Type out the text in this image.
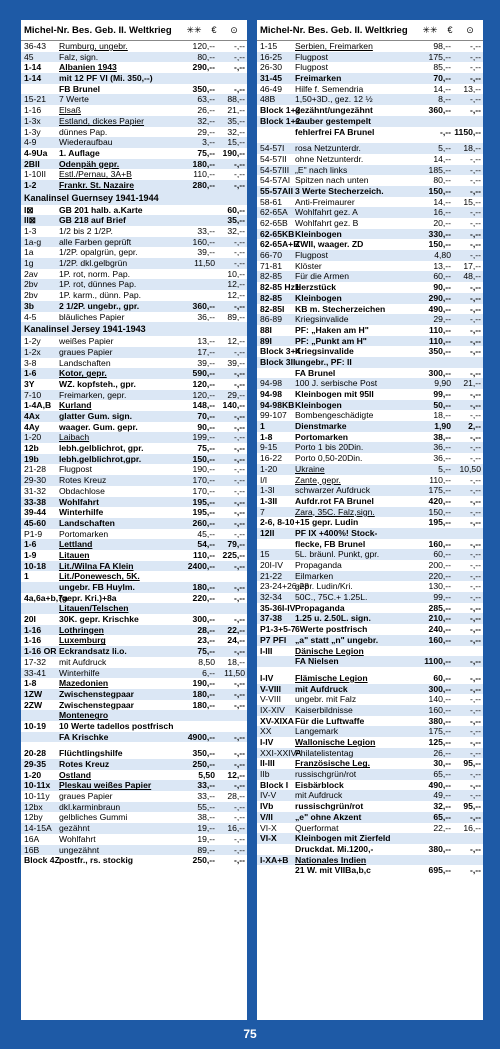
Michel-Nr. Bes. Geb. II. Weltkrieg	✳✳	€	⊙
36-43	Rumburg, ungebr.	120,--	-,--
45	Falz, sign.	80,--	-,--
1-14	Albanien 1943	290,--	-,--
1-14	mit 12 PF VI (Mi. 350,--)
FB Brunel	350,--	-,--
15-21	7 Werte	63,--	88,--
1-16	Elsaß	26,--	21,--
1-3x	Estland, dickes Papier	32,--	35,--
1-3y	dünnes Pap.	29,--	32,--
4-9	Wiederaufbau	3,--	15,--
4-9Ua	1. Auflage	75,-- 190,--
2BII	Odenpäh gepr.	180,--	-,--
1-10II	Estl./Pernau, 3A+B	110,--	-,--
1-2	Frankr. St. Nazaire	280,--	-,--
Kanalinsel Guernsey 1941-1944
I⊠	GB 201 halb. a.Karte	60,--
II⊠	GB 218 auf Brief	35,--
1-3	1/2 bis 2 1/2P.	33,--	32,--
1a-g	alle Farben geprüft	160,--	-,--
1a	1/2P. opalgrün, gepr.	39,--	-,--
1g	1/2P. dkl.gelbgrün	11,50	-,--
2av	1P. rot, norm. Pap.	10,--
2bv	1P. rot, dünnes Pap.	12,--
2bv	1P. karm., dünn. Pap.	12,--
3b	2 1/2P. ungebr., gpr.	360,--	-,--
4-5	bläuliches Papier	36,--	89,--
Kanalinsel Jersey 1941-1943
1-2y	weißes Papier	13,--	12,--
1-2x	graues Papier	17,--	-,--
3-8	Landschaften	39,--	39,--
1-6	Kotor, gepr.	590,--	-,--
3Y	WZ. kopfsteh., gpr.	120,--	-,--
7-10	Freimarken, gepr.	120,--	29,--
1-4A,B Kurland	148,-- 140,--
4Ax	glatter Gum. sign.	70,--	-,--
4Ay	waager. Gum. gepr.	90,--	-,--
1-20	Laibach	199,--	-,--
12b	lebh.gelblichrot, gpr.	75,--	-,--
19b	lebh.gelblichrot,gpr.	150,--	-,--
21-28	Flugpost	190,--	-,--
29-30	Rotes Kreuz	170,--	-,--
31-32	Obdachlose	170,--	-,--
33-38	Wohlfahrt	195,--	-,--
39-44	Winterhilfe	195,--	-,--
45-60	Landschaften	260,--	-,--
P1-9	Portomarken	45,--	-,--
1-6	Lettland	54,--	79,--
1-9	Litauen	110,-- 225,--
10-18	Lit./Wilna FA Klein	2400,--	-,--
1	Lit./Ponewesch, 5K.
ungebr. FB Huylm.	180,--	-,--
4a,6a+b,7a
(gepr. Kri.)+8a	220,--	-,--
Litauen/Telschen
20I	30K. gepr. Krischke	300,--	-,--
1-16	Lothringen	28,--	22,--
1-16	Luxemburg	23,--	24,--
1-16 OR Eckrandsatz li.o.	75,--	-,--
17-32	mit Aufdruck	8,50	18,--
33-41	Winterhilfe	6,--	11,50
1-8	Mazedonien	190,--	-,--
1ZW	Zwischenstegpaar	180,--	-,--
2ZW	Zwischenstegpaar	180,--	-,--
Montenegro
10-19	10 Werte tadellos postfrisch
FA Krischke	4900,--	-,--
20-28	Flüchtlingshilfe	350,--	-,--
29-35	Rotes Kreuz	250,--	-,--
1-20	Ostland	5,50	12,--
10-11x	Pleskau weißes Papier	33,--	-,--
10-11y	graues Papier	33,--	28,--
12bx	dkl.karminbraun	55,--	-,--
12by	gelbliches Gummi	38,--	-,--
14-15A gezähnt	19,--	16,--
16A	Wohlfahrt	19,--	-,--
16B	ungezähnt	89,--	-,--
Block 4Z postfr., rs. stockig	250,--	-,--
Michel-Nr. Bes. Geb. II. Weltkrieg	✳✳	€	⊙
1-15	Serbien, Freimarken	98,--	-,--
16-25	Flugpost	175,--	-,--
26-30	Flugpost	85,--	-,--
31-45	Freimarken	70,--	-,--
46-49	Hilfe f. Semendria	14,--	13,--
48B	1,50+3D., gez. 12 ½	8,--	-,--
Block 1+2
gezähnt/ungezähnt	360,--	-,--
Block 1+2
sauber gestempelt
fehlerfrei FA Brunel	-,-- 1150,--
54-57I	rosa Netzunterdr.	5,--	18,--
54-57II ohne Netzunterdr.	14,--	-,--
54-57III „E" nach links	185,--	-,--
54-57AI Spitzen nach unten	80,--	-,--
55-57AII 3 Werte Stecherzeich.	150,--	-,--
58-61	Anti-Freimaurer	14,--	15,--
62-65A Wohlfahrt gez. A	16,--	-,--
62-65B Wohlfahrt gez. B	20,--	-,--
62-65KB Kleinbogen	330,--	-,--
62-65A+B
ZWII, waager. ZD	150,--	-,--
66-70	Flugpost	4,80	-,--
71-81	Klöster	13,--	17,--
82-85	Für die Armen	60,--	48,--
82-85 Hz1
Herzstück	90,--	-,--
82-85	Kleinbogen	290,--	-,--
82-85I	KB m. Stecherzeichen	490,--	-,--
86-89	Kriegsinvalide	29,--	-,--
88I	PF: „Haken am H"	110,--	-,--
89I	PF: „Punkt am H"	110,--	-,--
Block 3+4
Kriegsinvalide	350,--	-,--
Block 3II ungebr., PF: II
FA Brunel	300,--	-,--
94-98	100 J. serbische Post	9,90	21,--
94-98	Kleinbogen mit 95II	99,--	-,--
94-98KB Kleinbogen	50,--	-,--
99-107 Bombengeschädigte	18,--	-,--
1	Dienstmarke	1,90	2,--
1-8	Portomarken	38,--	-,--
9-15	Porto 1 bis 20Din.	36,--	-,--
16-22	Porto 0,50-20Din.	36,--	-,--
1-20	Ukraine	5,-- 10,50
I/I	Zante, gepr.	110,--	-,--
1-3I	schwarzer Aufdruck	175,--	-,--
1-3II	Aufdr.rot FA Brunel	420,--	-,--
7	Zara, 35C. Falz,sign.	150,--	-,--
2-6, 8-10 +15 gepr. Ludin	195,--	-,--
12II	PF IX +400%! Stock-
flecke, FB Brunel	160,--	-,--
15	5L. bräunl. Punkt, gpr.	60,--	-,--
20I-IV	Propaganda	200,--	-,--
21-22	Eilmarken	220,--	-,--
23-24+26-28
gepr. Ludin/Kri.	130,--	-,--
32-34	50C., 75C.+ 1.25L.	99,--	-,--
35-36I-IV Propaganda	285,--	-,--
37-38	1.25 u. 2.50L. sign.	210,--	-,--
P1-3+5-7 6Werte postfrisch	240,--	-,--
P7 PFI	„a" statt „n" ungebr.	160,--	-,--
I-III	Dänische Legion
FA Nielsen	1100,--	-,--
I-IV	Flämische Legion	60,--	-,--
V-VIII	mit Aufdruck	300,--	-,--
V-VIII	ungebr. mit Falz	140,--	-,--
IX-XIV	Kaiserbildnisse	160,--	-,--
XV-XIXA Für die Luftwaffe	380,--	-,--
XX	Langemark	175,--	-,--
I-IV	Wallonische Legion	125,--	-,--
XXI-XXIVA
Philatelistentag	26,--	-,--
II-III	Französische Leg.	30,--	95,--
IIb	russischgrün/rot	65,--	-,--
Block I Eisbärblock	490,--	-,--
IV-V	mit Aufdruck	49,--	-,--
IVb	russischgrün/rot	32,--	95,--
V/II	„e" ohne Akzent	65,--	-,--
VI-X	Querformat	22,--	16,--
VI-X	Kleinbogen mit Zierfeld
Druckdat. Mi.1200,-	380,--	-,--
I-XA+B Nationales Indien
21 W. mit VIIBa,b,c	695,--	-,--
75
